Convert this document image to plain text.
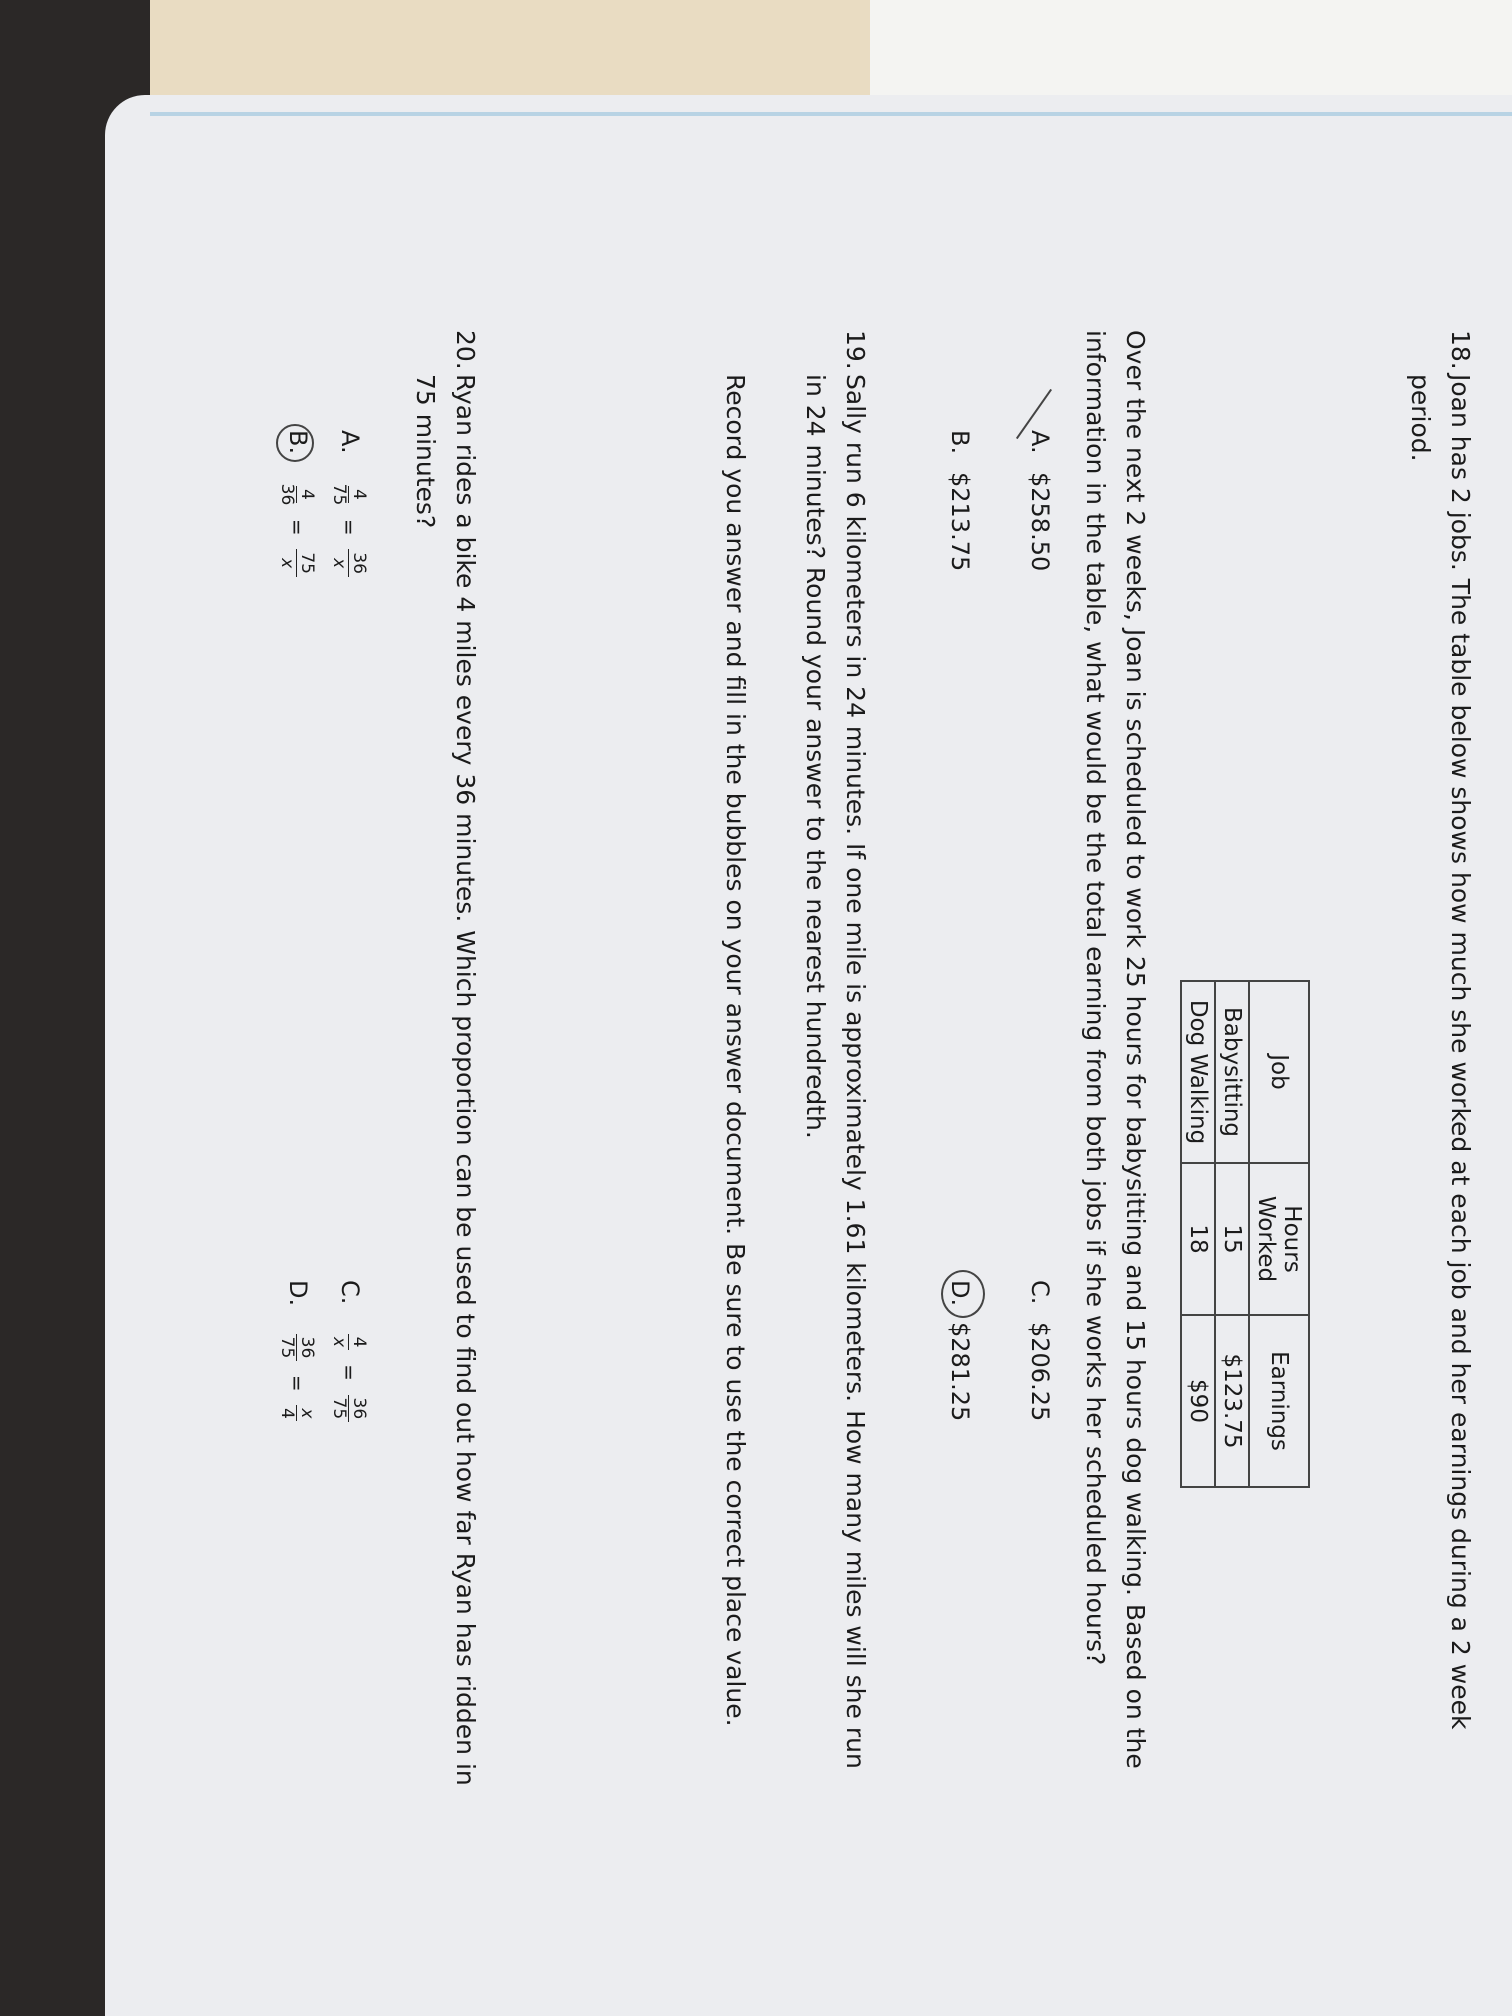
18.
Joan has 2 jobs. The table below shows how much she worked at each job and her earnings during a 2 week
period.
Job	Hours Worked	Earnings
Babysitting	15	$123.75
Dog Walking	18	$90
Over the next 2 weeks, Joan is scheduled to work 25 hours for babysitting and 15 hours dog walking. Based on the
information in the table, what would be the total earning from both jobs if she works her scheduled hours?
A.$258.50
C.$206.25
B.$213.75
D.$281.25
19.
Sally run 6 kilometers in 24 minutes. If one mile is approximately 1.61 kilometers. How many miles will she run
in 24 minutes? Round your answer to the nearest hundredth.
Record you answer and fill in the bubbles on your answer document. Be sure to use the correct place value.
20.
Ryan rides a bike 4 miles every 36 minutes. Which proportion can be used to find out how far Ryan has ridden in
75 minutes?
A.
4
75
=
36
x
C.
4
x
=
36
75
B.
4
36
=
75
x
D.
36
75
=
x
4
